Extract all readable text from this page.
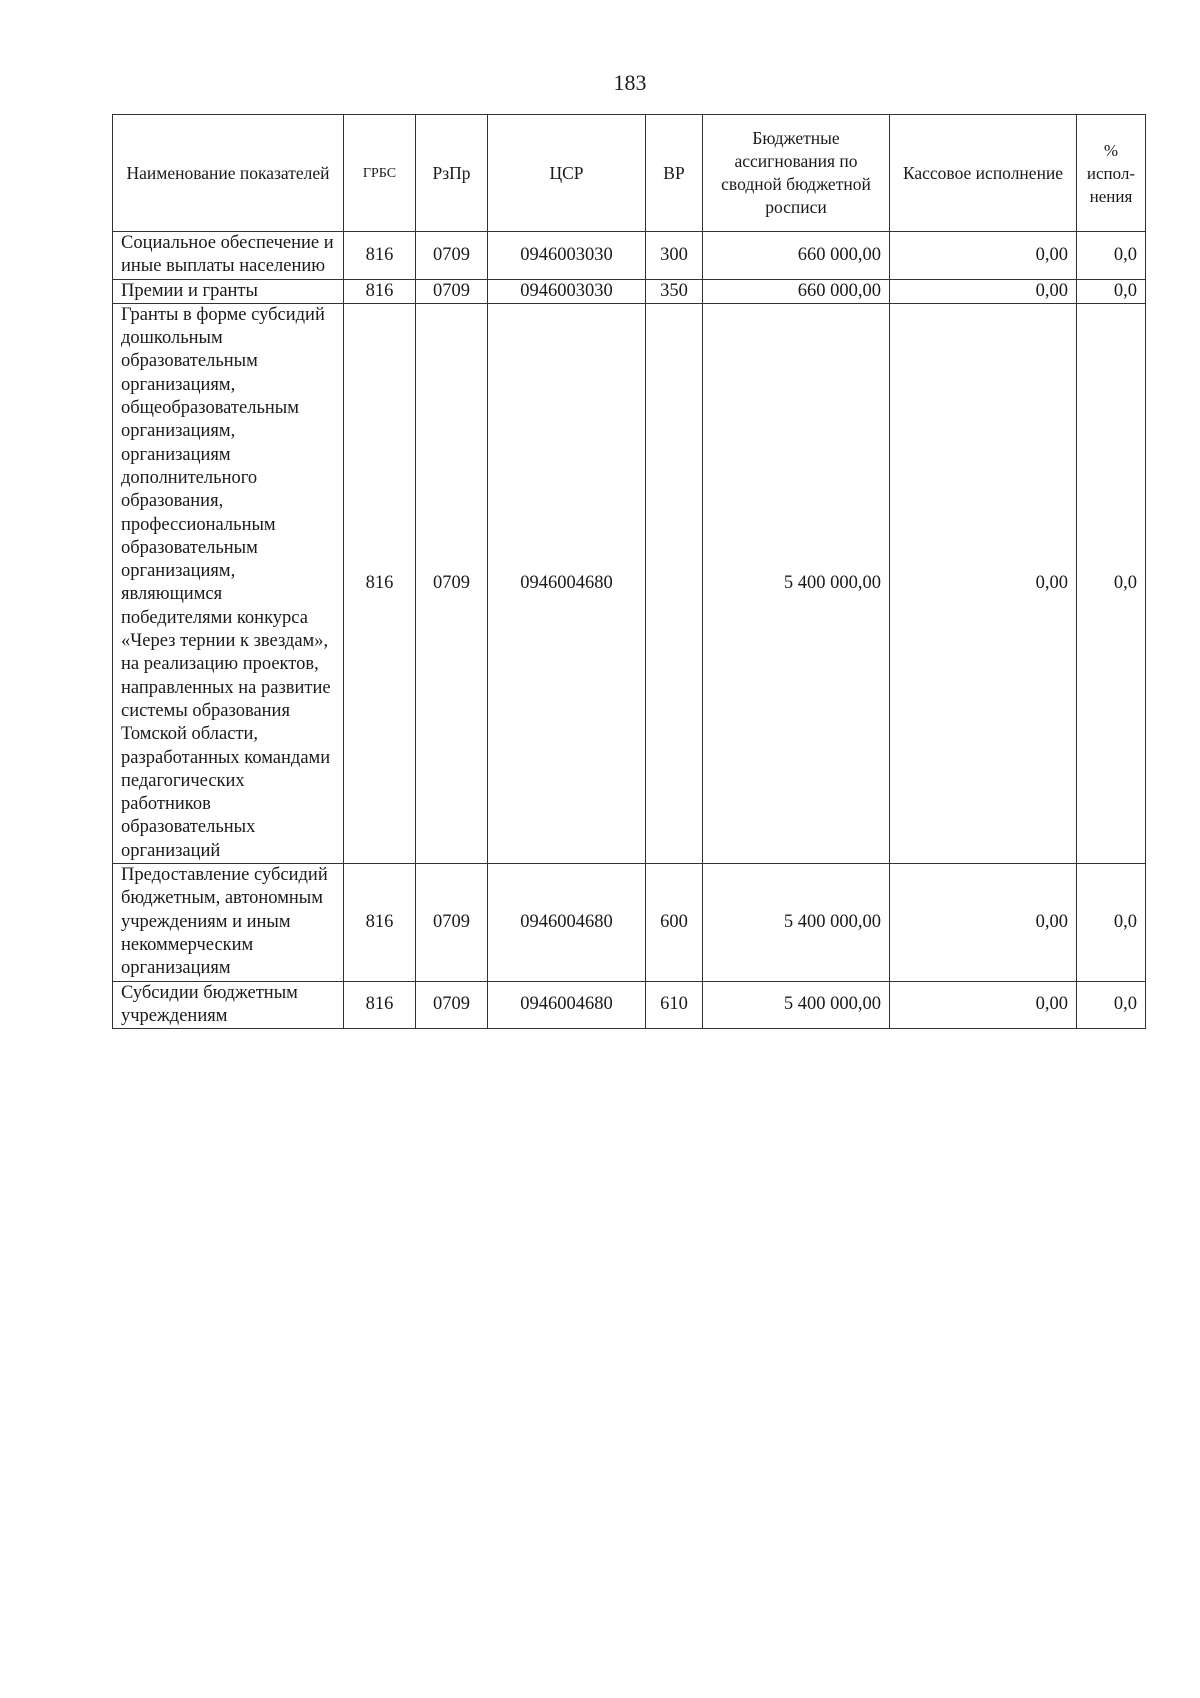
183
Наименование показателей	ГРБС	РзПр	ЦСР	ВР	Бюджетные ассигнования по сводной бюджетной росписи	Кассовое исполнение	% испол-нения
Социальное обеспечение и иные выплаты населению	816	0709	0946003030	300	660 000,00	0,00	0,0
Премии и гранты	816	0709	0946003030	350	660 000,00	0,00	0,0
Гранты в форме субсидий дошкольным образовательным организациям, общеобразовательным организациям, организациям дополнительного образования, профессиональным образовательным организациям, являющимся победителями конкурса «Через тернии к звездам», на реализацию проектов, направленных на развитие системы образования Томской области, разработанных командами педагогических работников образовательных организаций	816	0709	0946004680		5 400 000,00	0,00	0,0
Предоставление субсидий бюджетным, автономным учреждениям и иным некоммерческим организациям	816	0709	0946004680	600	5 400 000,00	0,00	0,0
Субсидии бюджетным учреждениям	816	0709	0946004680	610	5 400 000,00	0,00	0,0
